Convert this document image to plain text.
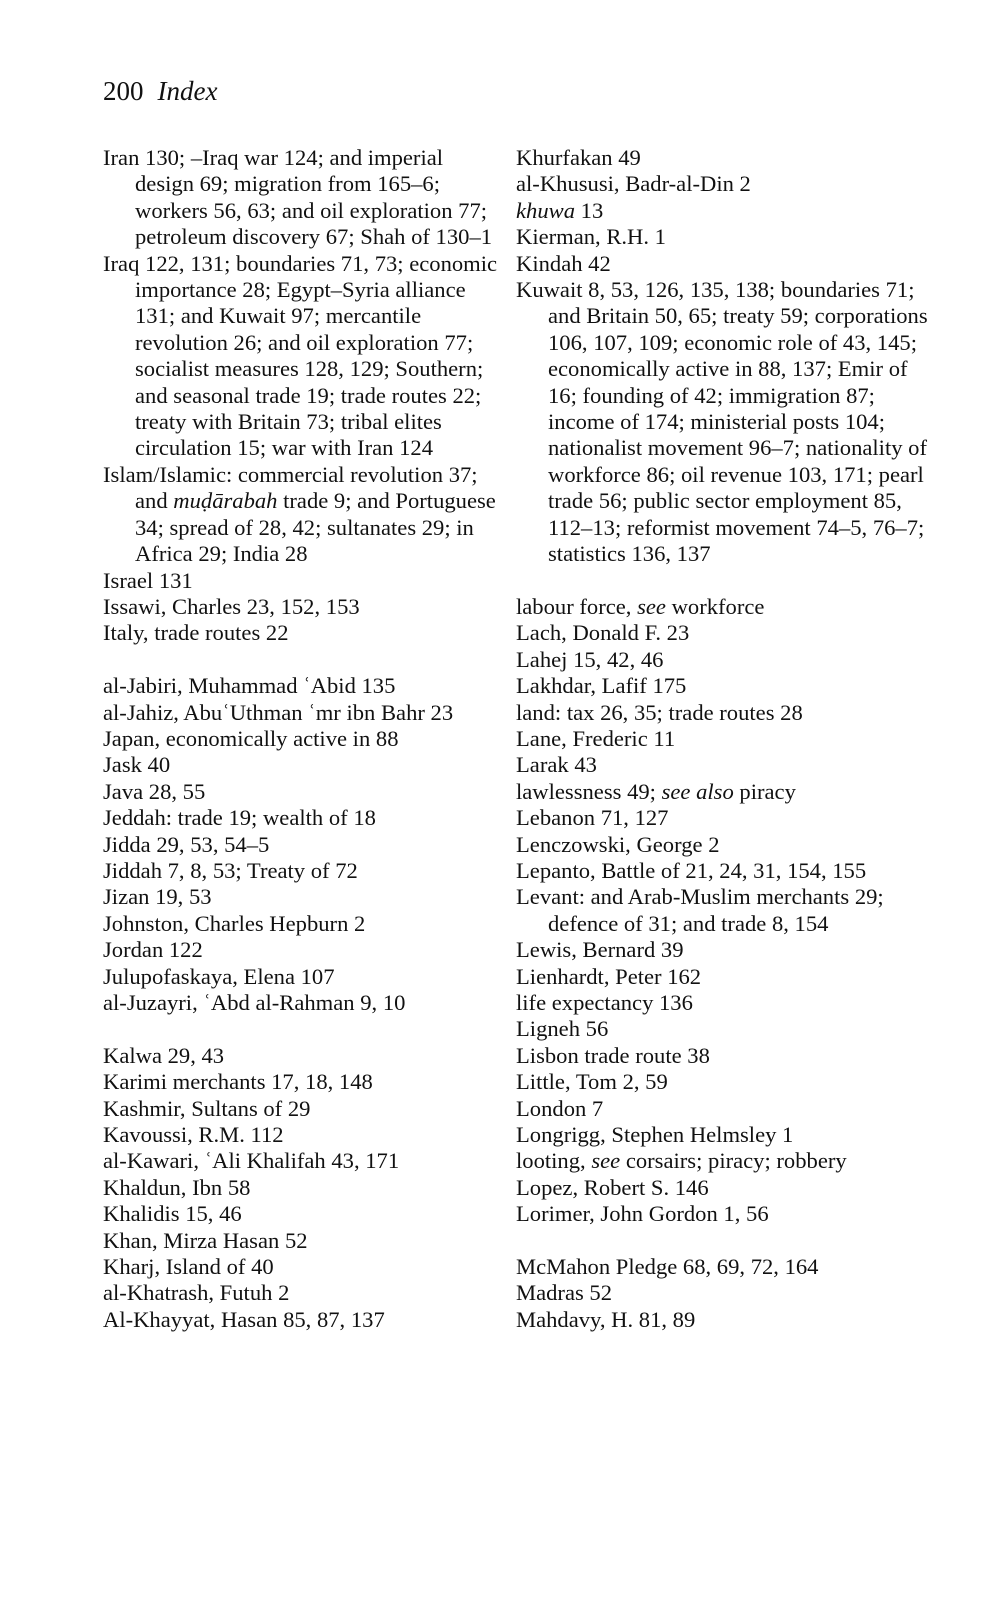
200 Index
Iran 130; –Iraq war 124; and imperial design 69; migration from 165–6; workers 56, 63; and oil exploration 77; petroleum discovery 67; Shah of 130–1
Iraq 122, 131; boundaries 71, 73; economic importance 28; Egypt–Syria alliance 131; and Kuwait 97; mercantile revolution 26; and oil exploration 77; socialist measures 128, 129; Southern; and seasonal trade 19; trade routes 22; treaty with Britain 73; tribal elites circulation 15; war with Iran 124
Islam/Islamic: commercial revolution 37; and muḍārabah trade 9; and Portuguese 34; spread of 28, 42; sultanates 29; in Africa 29; India 28
Israel 131
Issawi, Charles 23, 152, 153
Italy, trade routes 22
al-Jabiri, Muhammad ʿAbid 135
al-Jahiz, AbuʿUthman ʿmr ibn Bahr 23
Japan, economically active in 88
Jask 40
Java 28, 55
Jeddah: trade 19; wealth of 18
Jidda 29, 53, 54–5
Jiddah 7, 8, 53; Treaty of 72
Jizan 19, 53
Johnston, Charles Hepburn 2
Jordan 122
Julupofaskaya, Elena 107
al-Juzayri, ʿAbd al-Rahman 9, 10
Kalwa 29, 43
Karimi merchants 17, 18, 148
Kashmir, Sultans of 29
Kavoussi, R.M. 112
al-Kawari, ʿAli Khalifah 43, 171
Khaldun, Ibn 58
Khalidis 15, 46
Khan, Mirza Hasan 52
Kharj, Island of 40
al-Khatrash, Futuh 2
Al-Khayyat, Hasan 85, 87, 137
Khurfakan 49
al-Khususi, Badr-al-Din 2
khuwa 13
Kierman, R.H. 1
Kindah 42
Kuwait 8, 53, 126, 135, 138; boundaries 71; and Britain 50, 65; treaty 59; corporations 106, 107, 109; economic role of 43, 145; economically active in 88, 137; Emir of 16; founding of 42; immigration 87; income of 174; ministerial posts 104; nationalist movement 96–7; nationality of workforce 86; oil revenue 103, 171; pearl trade 56; public sector employment 85, 112–13; reformist movement 74–5, 76–7; statistics 136, 137
labour force, see workforce
Lach, Donald F. 23
Lahej 15, 42, 46
Lakhdar, Lafif 175
land: tax 26, 35; trade routes 28
Lane, Frederic 11
Larak 43
lawlessness 49; see also piracy
Lebanon 71, 127
Lenczowski, George 2
Lepanto, Battle of 21, 24, 31, 154, 155
Levant: and Arab-Muslim merchants 29; defence of 31; and trade 8, 154
Lewis, Bernard 39
Lienhardt, Peter 162
life expectancy 136
Ligneh 56
Lisbon trade route 38
Little, Tom 2, 59
London 7
Longrigg, Stephen Helmsley 1
looting, see corsairs; piracy; robbery
Lopez, Robert S. 146
Lorimer, John Gordon 1, 56
McMahon Pledge 68, 69, 72, 164
Madras 52
Mahdavy, H. 81, 89
